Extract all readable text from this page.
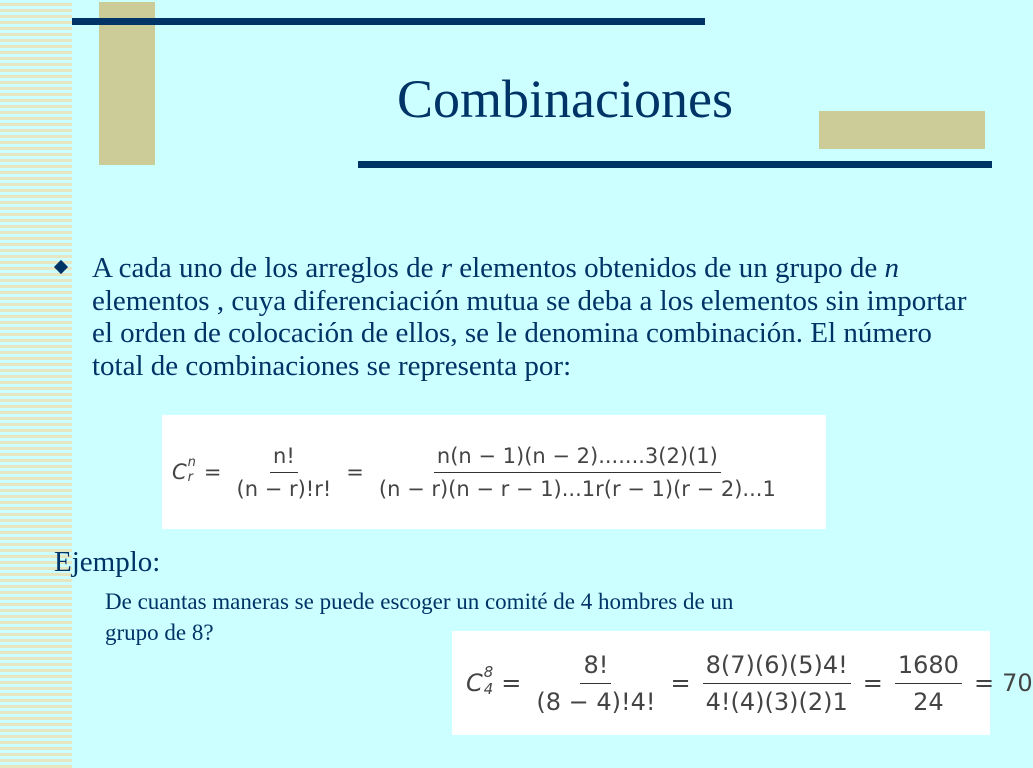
Combinaciones
A cada uno de los arreglos de r elementos obtenidos de un grupo de n elementos , cuya diferenciación mutua se deba a los elementos sin importar el orden de colocación de ellos, se le denomina combinación. El número total de combinaciones se representa por:
C n
$r = \frac{n!}{(n - r)!r!} = \frac{n(n - 1)(n - 2).......3(2)(1)}{(n - r)(n - r - 1)...1r(r - 1)(r - 2)...1}$
Ejemplo:
De cuantas maneras se puede escoger un comité de 4 hombres de un grupo de 8?
C 8
$4 = \frac{8!}{(8 - 4)!4!} = \frac{8(7)(6)(5)4!}{4!(4)(3)(2)1} = \frac{1680}{24} = 70$
